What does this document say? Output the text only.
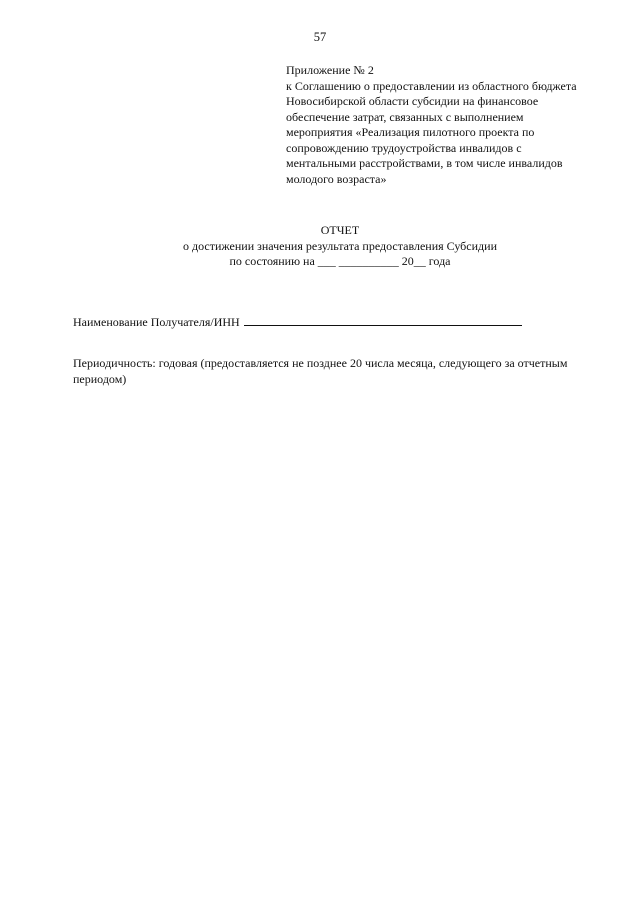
57
Приложение № 2
к Соглашению о предоставлении из областного бюджета
Новосибирской области субсидии на финансовое
обеспечение затрат, связанных с выполнением
мероприятия «Реализация пилотного проекта по
сопровождению трудоустройства инвалидов с
ментальными расстройствами, в том числе инвалидов
молодого возраста»
ОТЧЕТ
о достижении значения результата предоставления Субсидии
по состоянию на ___ __________ 20__ года
Наименование Получателя/ИНН
Периодичность: годовая (предоставляется не позднее 20 числа месяца, следующего за отчетным
периодом)
